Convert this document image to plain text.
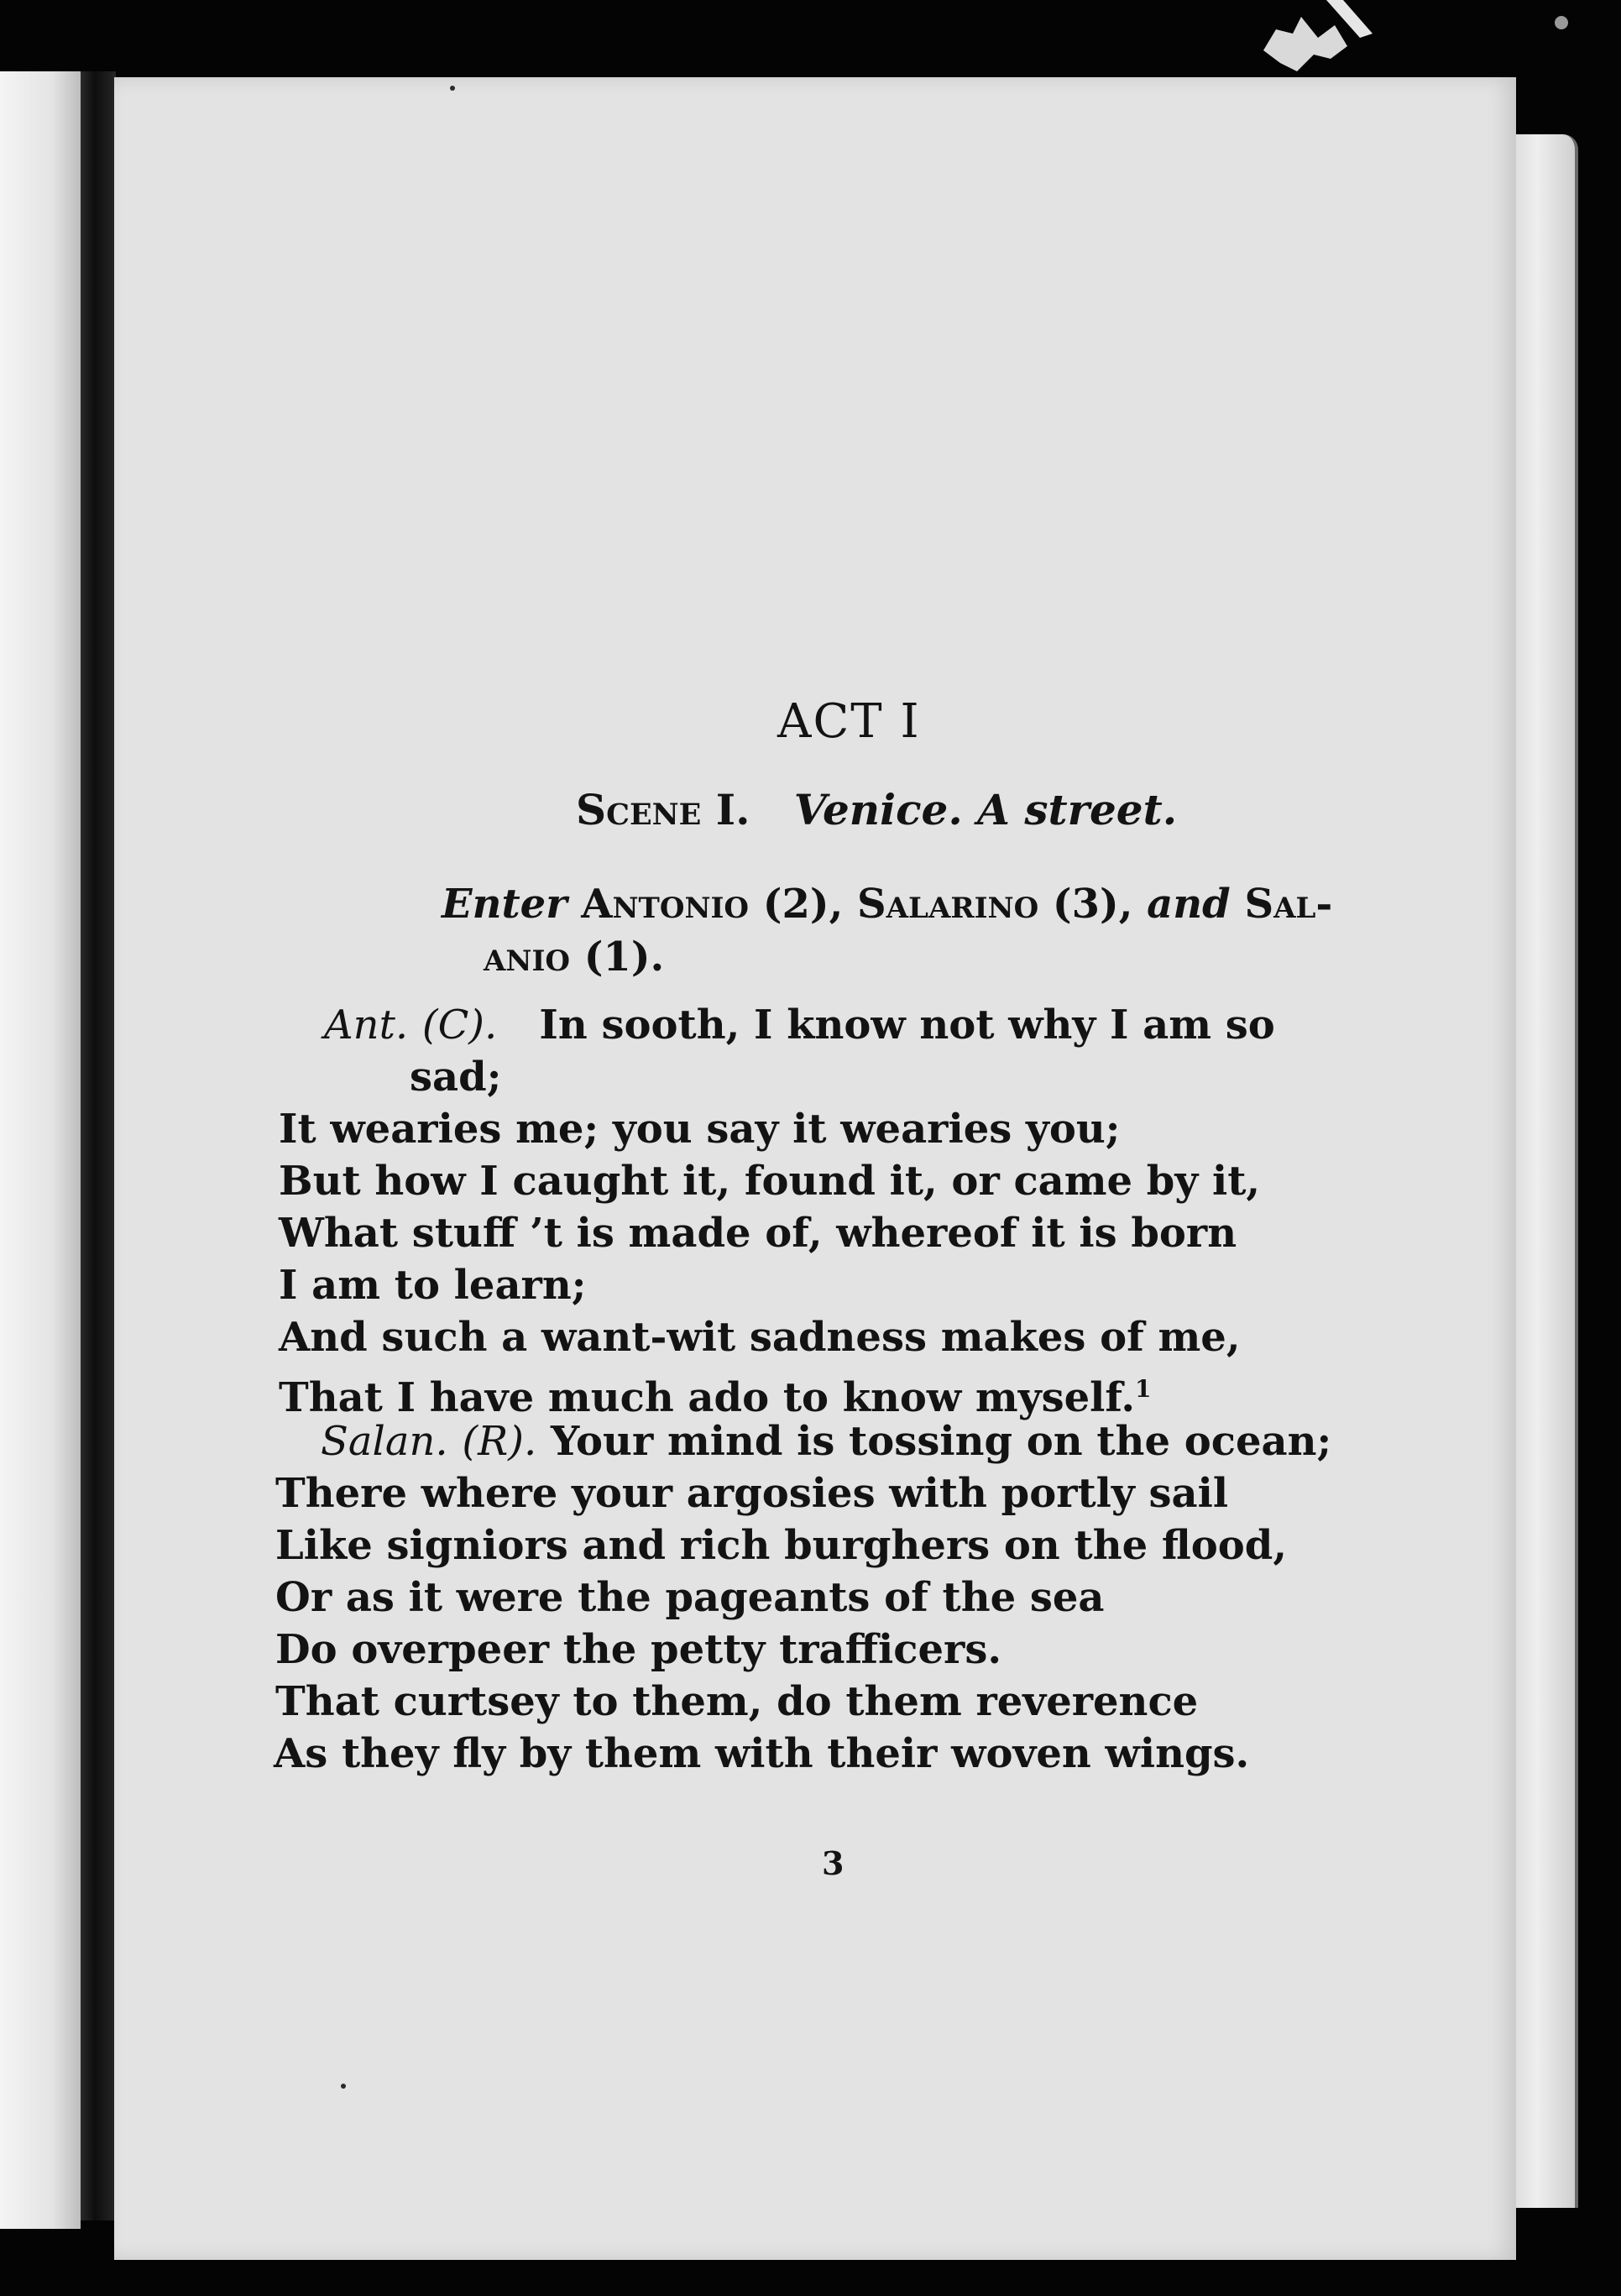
ACT I
Scene I. Venice. A street.
Enter Antonio (2), Salarino (3), and Sal-
anio (1).
Ant. (C). In sooth, I know not why I am so
sad;
It wearies me; you say it wearies you;
But how I caught it, found it, or came by it,
What stuff ’t is made of, whereof it is born
I am to learn;
And such a want-wit sadness makes of me,
That I have much ado to know myself.$^1$
Salan. (R). Your mind is tossing on the ocean;
There where your argosies with portly sail
Like signiors and rich burghers on the flood,
Or as it were the pageants of the sea
Do overpeer the petty trafficers.
That curtsey to them, do them reverence
As they fly by them with their woven wings.
3
